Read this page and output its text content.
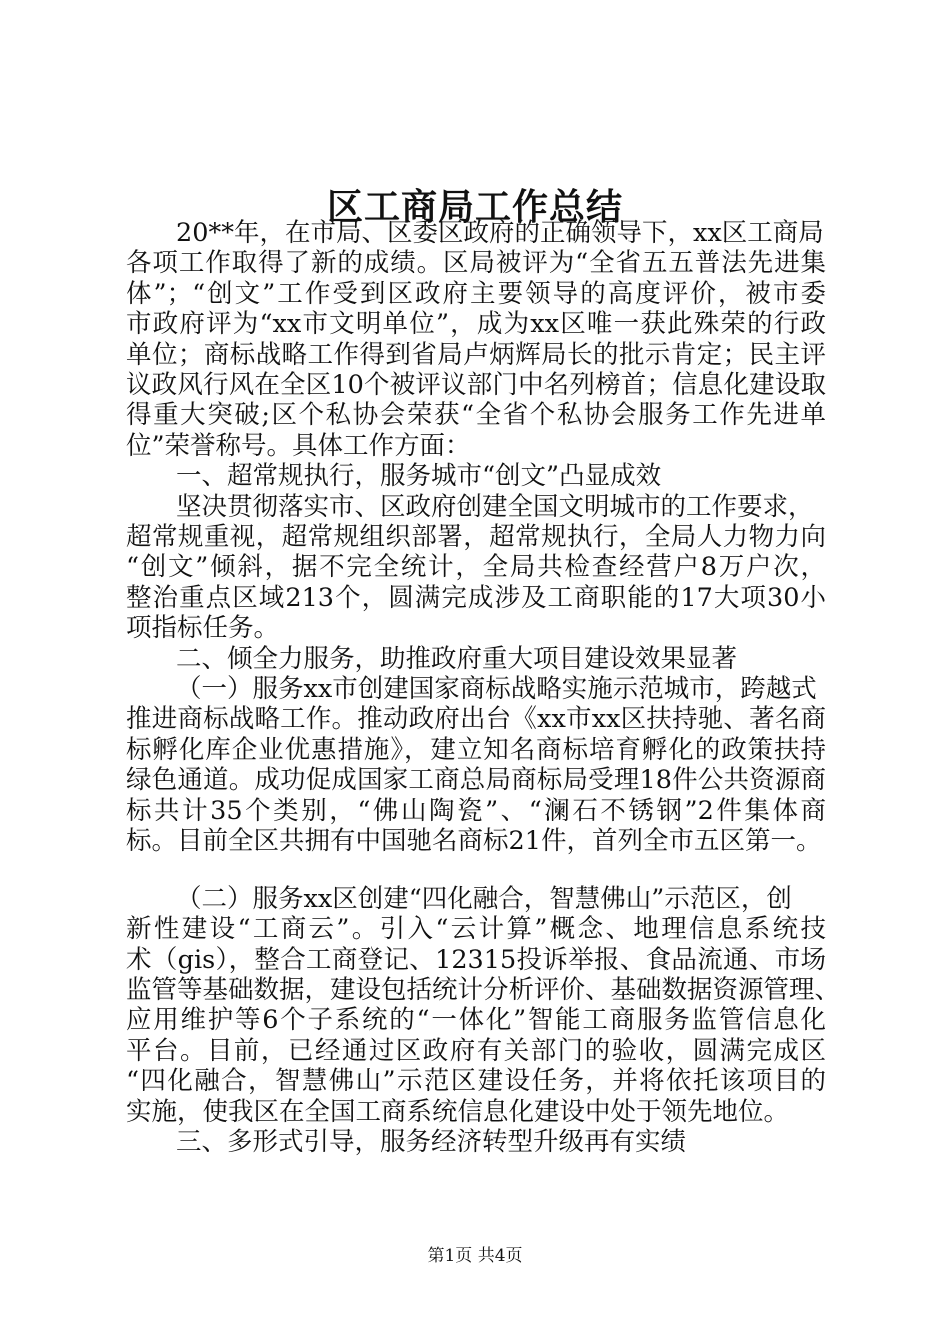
区工商局工作总结

20**年，在市局、区委区政府的正确领导下，xx区工商局

各项工作取得了新的成绩。区局被评为“全省五五普法先进集

体”；“创文”工作受到区政府主要领导的高度评价，被市委

市政府评为“xx市文明单位”，成为xx区唯一获此殊荣的行政

单位；商标战略工作得到省局卢炳辉局长的批示肯定；民主评

议政风行风在全区10个被评议部门中名列榜首；信息化建设取

得重大突破;区个私协会荣获“全省个私协会服务工作先进单

位”荣誉称号。具体工作方面：

一、超常规执行，服务城市“创文”凸显成效

坚决贯彻落实市、区政府创建全国文明城市的工作要求，

超常规重视，超常规组织部署，超常规执行，全局人力物力向

“创文”倾斜，据不完全统计，全局共检查经营户8万户次，

整治重点区域213个，圆满完成涉及工商职能的17大项30小

项指标任务。

二、倾全力服务，助推政府重大项目建设效果显著

（一）服务xx市创建国家商标战略实施示范城市，跨越式

推进商标战略工作。推动政府出台《xx市xx区扶持驰、著名商

标孵化库企业优惠措施》，建立知名商标培育孵化的政策扶持

绿色通道。成功促成国家工商总局商标局受理18件公共资源商

标共计35个类别，“佛山陶瓷”、“澜石不锈钢”2件集体商

标。目前全区共拥有中国驰名商标21件，首列全市五区第一。

（二）服务xx区创建“四化融合，智慧佛山”示范区，创

新性建设“工商云”。引入“云计算”概念、地理信息系统技

术（gis），整合工商登记、12315投诉举报、食品流通、市场

监管等基础数据，建设包括统计分析评价、基础数据资源管理、

应用维护等6个子系统的“一体化”智能工商服务监管信息化

平台。目前，已经通过区政府有关部门的验收，圆满完成区

“四化融合，智慧佛山”示范区建设任务，并将依托该项目的

实施，使我区在全国工商系统信息化建设中处于领先地位。

三、多形式引导，服务经济转型升级再有实绩

第1页 共4页
